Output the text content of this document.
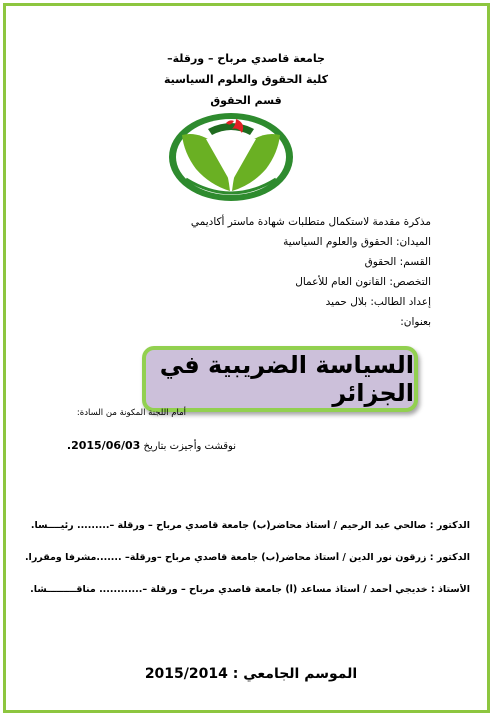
جامعة قاصدي مرباح – ورقلة–
كلية الحقوق والعلوم السياسية
قسم الحقوق
مذكرة مقدمة لاستكمال متطلبات شهادة ماستر أكاديمي
الميدان: الحقوق والعلوم السياسية
القسم: الحقوق
التخصص: القانون العام للأعمال
إعداد الطالب: بلال حميد
بعنوان:
السياسة الضريبية في الجزائر
أمام اللجنة المكونة من السادة:
نوقشت وأجيزت بتاريخ 2015/06/03.
الدكتور : صالحي عبد الرحيم / أستاذ محاضر(ب) جامعة قاصدي مرباح – ورقلة –......... رئيــــسا.
الدكتور : زرقون نور الدين / أستاذ محاضر(ب) جامعة قاصدي مرباح –ورقلة– .......مشرفا ومقررا.
الأستاذ : خديجي أحمد / أستاذ مساعد (أ) جامعة قاصدي مرباح – ورقلة –............ مناقـــــــــشا.
الموسم الجامعي : 2015/2014
